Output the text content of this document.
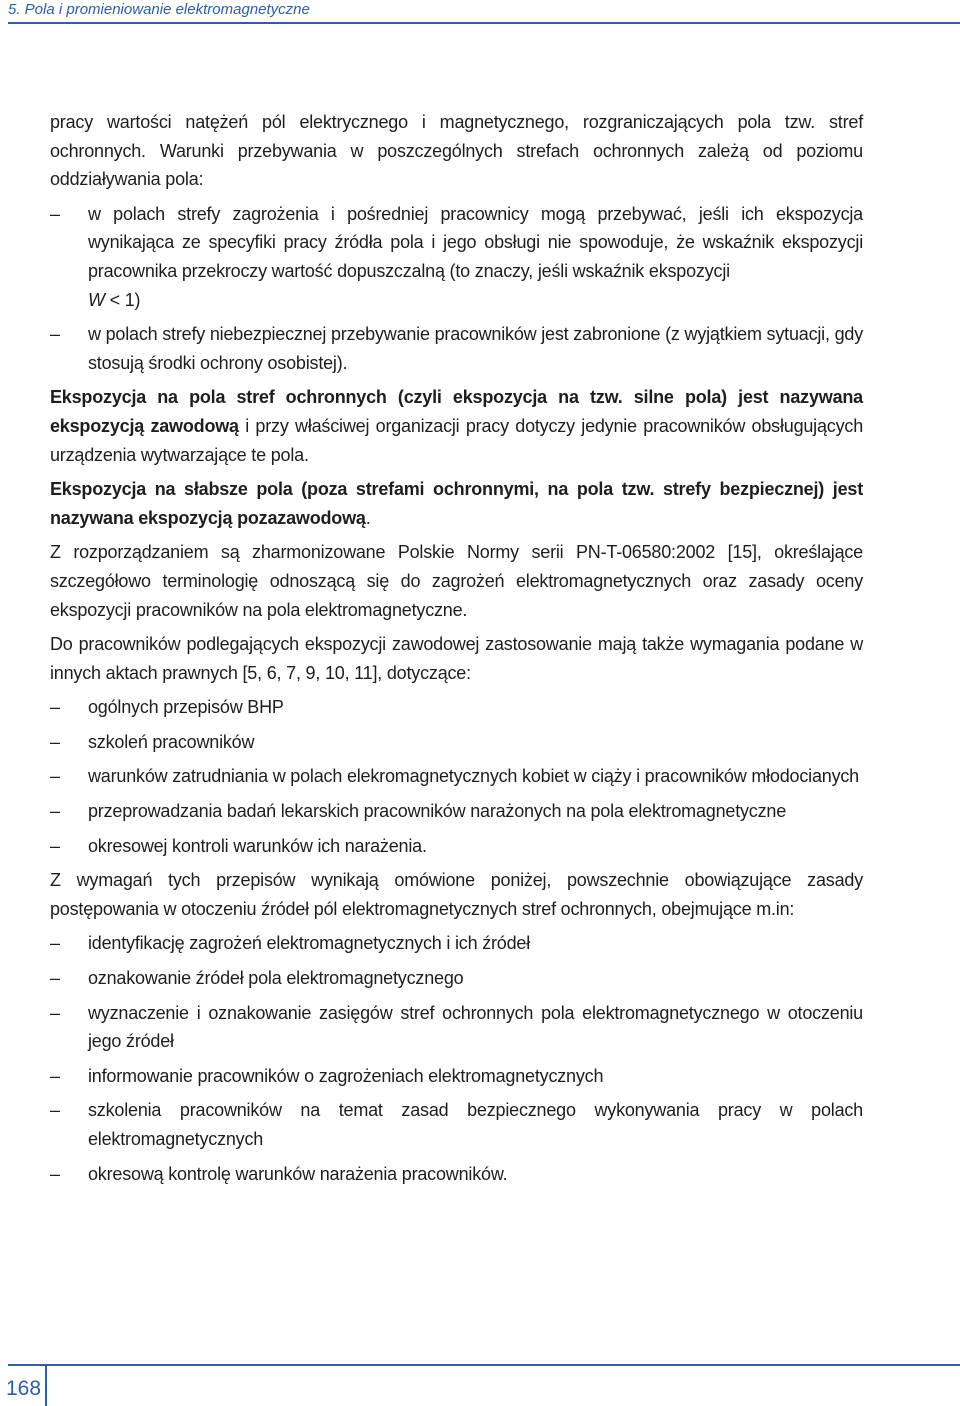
5. Pola i promieniowanie elektromagnetyczne

pracy wartości natężeń pól elektrycznego i magnetycznego, rozgraniczających pola tzw. stref ochronnych. Warunki przebywania w poszczególnych strefach ochronnych zależą od poziomu oddziaływania pola:

– w polach strefy zagrożenia i pośredniej pracownicy mogą przebywać, jeśli ich ekspozycja wynikająca ze specyfiki pracy źródła pola i jego obsługi nie spowoduje, że wskaźnik ekspozycji pracownika przekroczy wartość dopuszczalną (to znaczy, jeśli wskaźnik ekspozycji
W < 1)
– w polach strefy niebezpiecznej przebywanie pracowników jest zabronione (z wyjątkiem sytuacji, gdy stosują środki ochrony osobistej).

Ekspozycja na pola stref ochronnych (czyli ekspozycja na tzw. silne pola) jest nazywana ekspozycją zawodową i przy właściwej organizacji pracy dotyczy jedynie pracowników obsługujących urządzenia wytwarzające te pola.

Ekspozycja na słabsze pola (poza strefami ochronnymi, na pola tzw. strefy bezpiecznej) jest nazywana ekspozycją pozazawodową.

Z rozporządzaniem są zharmonizowane Polskie Normy serii PN-T-06580:2002 [15], określające szczegółowo terminologię odnoszącą się do zagrożeń elektromagnetycznych oraz zasady oceny ekspozycji pracowników na pola elektromagnetyczne.

Do pracowników podlegających ekspozycji zawodowej zastosowanie mają także wymagania podane w innych aktach prawnych [5, 6, 7, 9, 10, 11], dotyczące:

– ogólnych przepisów BHP
– szkoleń pracowników
– warunków zatrudniania w polach elekromagnetycznych kobiet w ciąży i pracowników młodocianych
– przeprowadzania badań lekarskich pracowników narażonych na pola elektromagnetyczne
– okresowej kontroli warunków ich narażenia.

Z wymagań tych przepisów wynikają omówione poniżej, powszechnie obowiązujące zasady postępowania w otoczeniu źródeł pól elektromagnetycznych stref ochronnych, obejmujące m.in:

– identyfikację zagrożeń elektromagnetycznych i ich źródeł
– oznakowanie źródeł pola elektromagnetycznego
– wyznaczenie i oznakowanie zasięgów stref ochronnych pola elektromagnetycznego w otoczeniu jego źródeł
– informowanie pracowników o zagrożeniach elektromagnetycznych
– szkolenia pracowników na temat zasad bezpiecznego wykonywania pracy w polach elektromagnetycznych
– okresową kontrolę warunków narażenia pracowników.
168
